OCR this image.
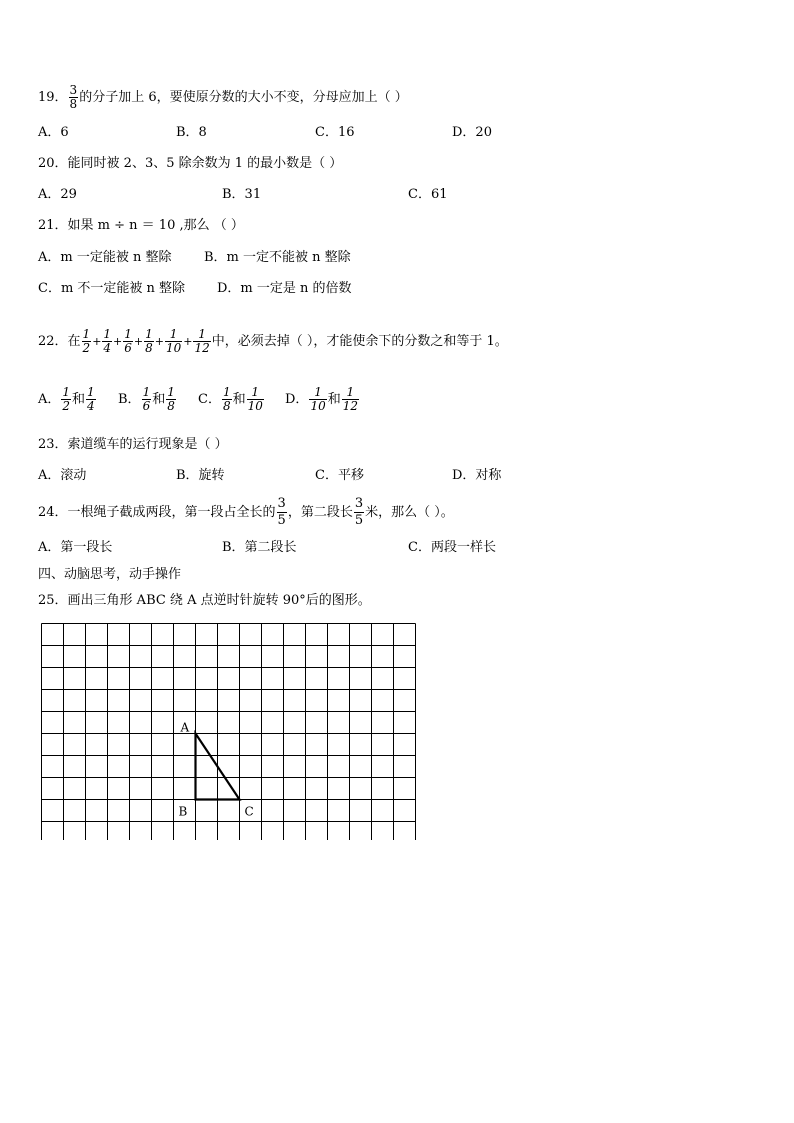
19． $\frac{3}{8}$ 的分子加上 6，要使原分数的大小不变，分母应加上（ ）
A．6	B．8	C．16	D．20
20．能同时被 2、3、5 除余数为 1 的最小数是（ ）
A．29	B．31	C．61
21．如果 m ÷ n ＝ 10 ,那么 （ ）
A．m 一定能被 n 整除	B．m 一定不能被 n 整除
C．m 不一定能被 n 整除 D．m 一定是 n 的倍数
22．在 $\frac{1}{2} + \frac{1}{4} + \frac{1}{6} + \frac{1}{8} + \frac{1}{10} + \frac{1}{12}$ 中，必须去掉（ ），才能使余下的分数之和等于 1。
A． $\frac{1}{2}$ 和 $\frac{1}{4}$ B． $\frac{1}{6}$ 和 $\frac{1}{8}$ C． $\frac{1}{8}$ 和 $\frac{1}{10}$ D． $\frac{1}{10}$ 和 $\frac{1}{12}$
23．索道缆车的运行现象是（ ）
A．滚动	B．旋转	C．平移	D．对称
24．一根绳子截成两段，第一段占全长的 $\frac{3}{5}$ ，第二段长 $\frac{3}{5}$ 米，那么（ ）。
A．第一段长	B．第二段长	C．两段一样长
四、动脑思考，动手操作
25．画出三角形 ABC 绕 A 点逆时针旋转 90°后的图形。
A
B	C
